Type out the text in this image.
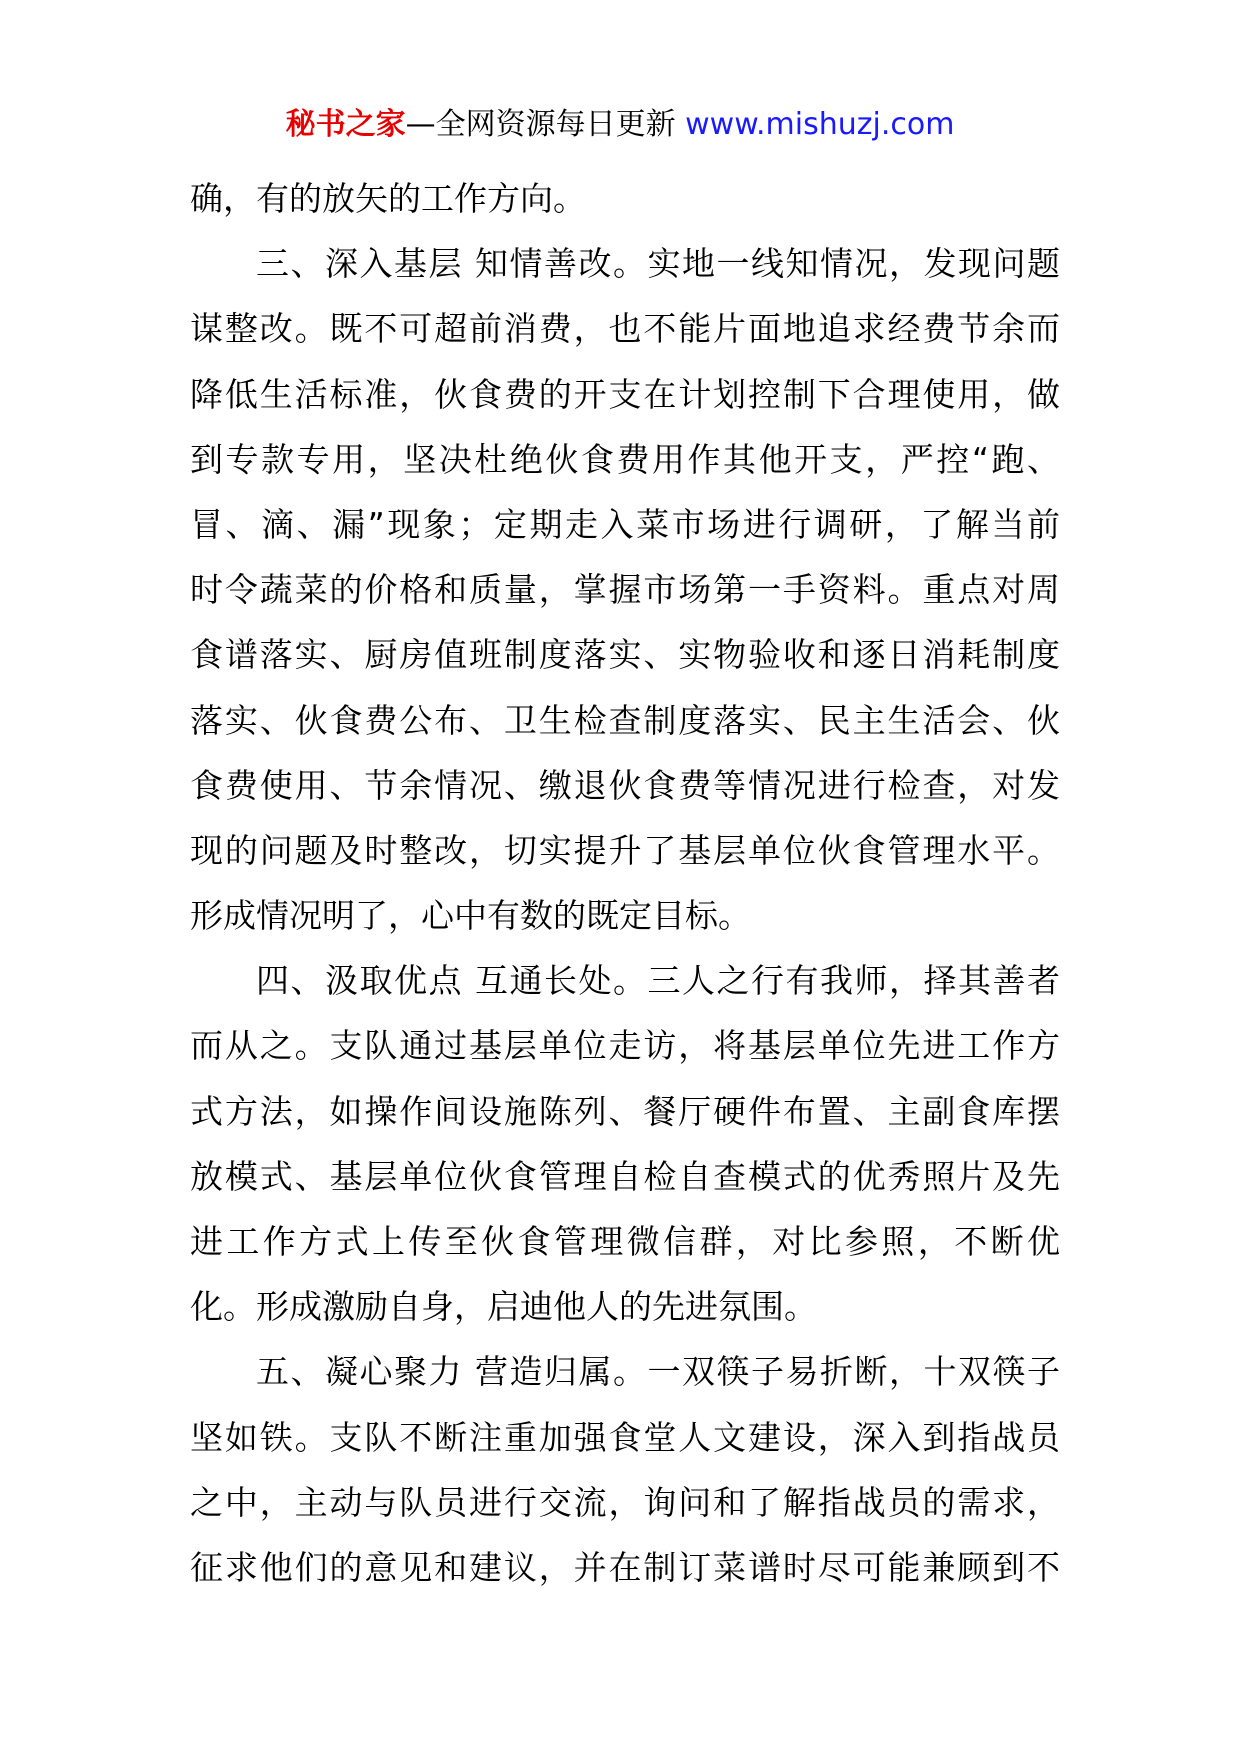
秘书之家—全网资源每日更新 www.mishuzj.com
确，有的放矢的工作方向。
三、深入基层 知情善改。实地一线知情况，发现问题
谋整改。既不可超前消费，也不能片面地追求经费节余而
降低生活标准，伙食费的开支在计划控制下合理使用，做
到专款专用，坚决杜绝伙食费用作其他开支，严控“跑、
冒、滴、漏”现象；定期走入菜市场进行调研，了解当前
时令蔬菜的价格和质量，掌握市场第一手资料。重点对周
食谱落实、厨房值班制度落实、实物验收和逐日消耗制度
落实、伙食费公布、卫生检查制度落实、民主生活会、伙
食费使用、节余情况、缴退伙食费等情况进行检查，对发
现的问题及时整改，切实提升了基层单位伙食管理水平。
形成情况明了，心中有数的既定目标。
四、汲取优点 互通长处。三人之行有我师，择其善者
而从之。支队通过基层单位走访，将基层单位先进工作方
式方法，如操作间设施陈列、餐厅硬件布置、主副食库摆
放模式、基层单位伙食管理自检自查模式的优秀照片及先
进工作方式上传至伙食管理微信群，对比参照，不断优
化。形成激励自身，启迪他人的先进氛围。
五、凝心聚力 营造归属。一双筷子易折断，十双筷子
坚如铁。支队不断注重加强食堂人文建设，深入到指战员
之中，主动与队员进行交流，询问和了解指战员的需求，
征求他们的意见和建议，并在制订菜谱时尽可能兼顾到不
